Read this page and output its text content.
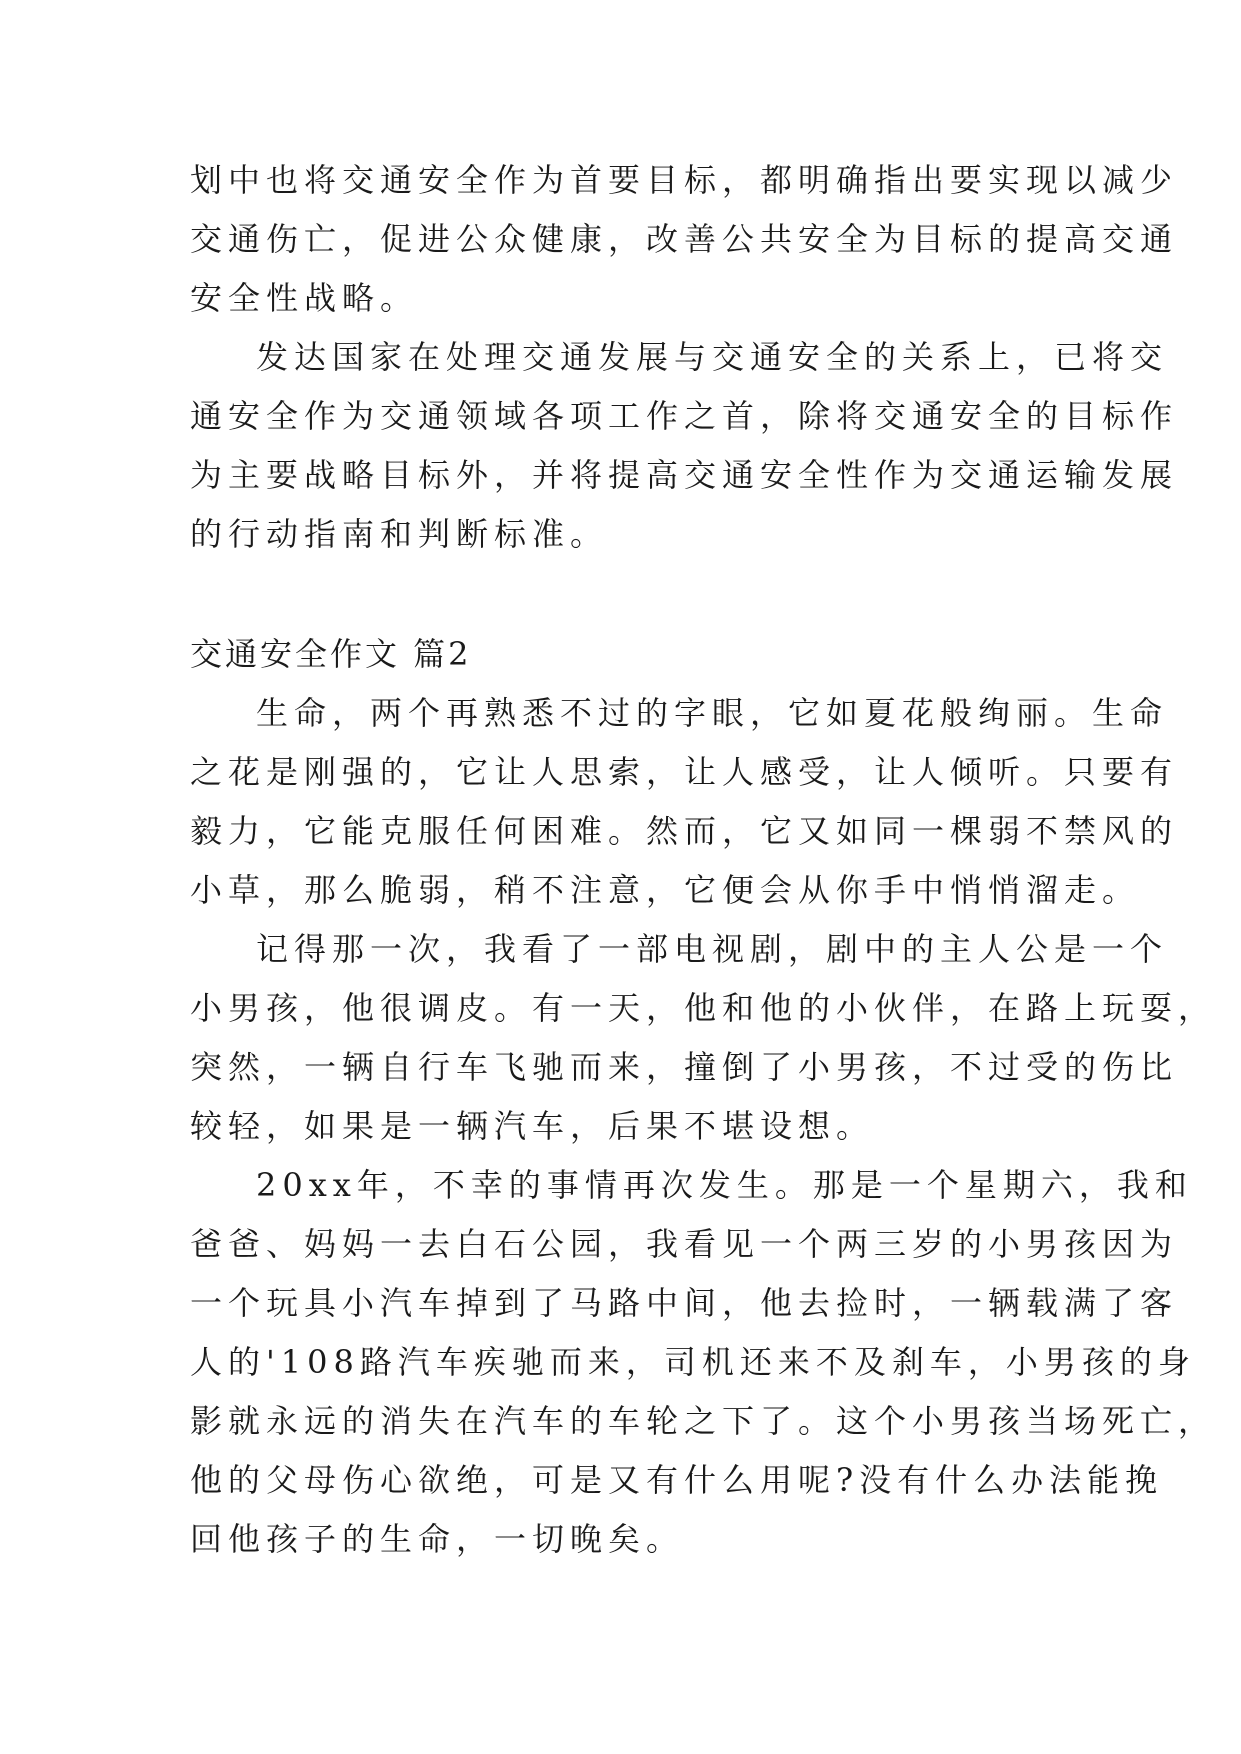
划中也将交通安全作为首要目标，都明确指出要实现以减少

交通伤亡，促进公众健康，改善公共安全为目标的提高交通

安全性战略。

发达国家在处理交通发展与交通安全的关系上，已将交

通安全作为交通领域各项工作之首，除将交通安全的目标作

为主要战略目标外，并将提高交通安全性作为交通运输发展

的行动指南和判断标准。

交通安全作文 篇2

生命，两个再熟悉不过的字眼，它如夏花般绚丽。生命

之花是刚强的，它让人思索，让人感受，让人倾听。只要有

毅力，它能克服任何困难。然而，它又如同一棵弱不禁风的

小草，那么脆弱，稍不注意，它便会从你手中悄悄溜走。

记得那一次，我看了一部电视剧，剧中的主人公是一个

小男孩，他很调皮。有一天，他和他的小伙伴，在路上玩耍，

突然，一辆自行车飞驰而来，撞倒了小男孩，不过受的伤比

较轻，如果是一辆汽车，后果不堪设想。

20xx年，不幸的事情再次发生。那是一个星期六，我和

爸爸、妈妈一去白石公园，我看见一个两三岁的小男孩因为

一个玩具小汽车掉到了马路中间，他去捡时，一辆载满了客

人的'108路汽车疾驰而来，司机还来不及刹车，小男孩的身

影就永远的消失在汽车的车轮之下了。这个小男孩当场死亡，

他的父母伤心欲绝，可是又有什么用呢?没有什么办法能挽

回他孩子的生命，一切晚矣。
